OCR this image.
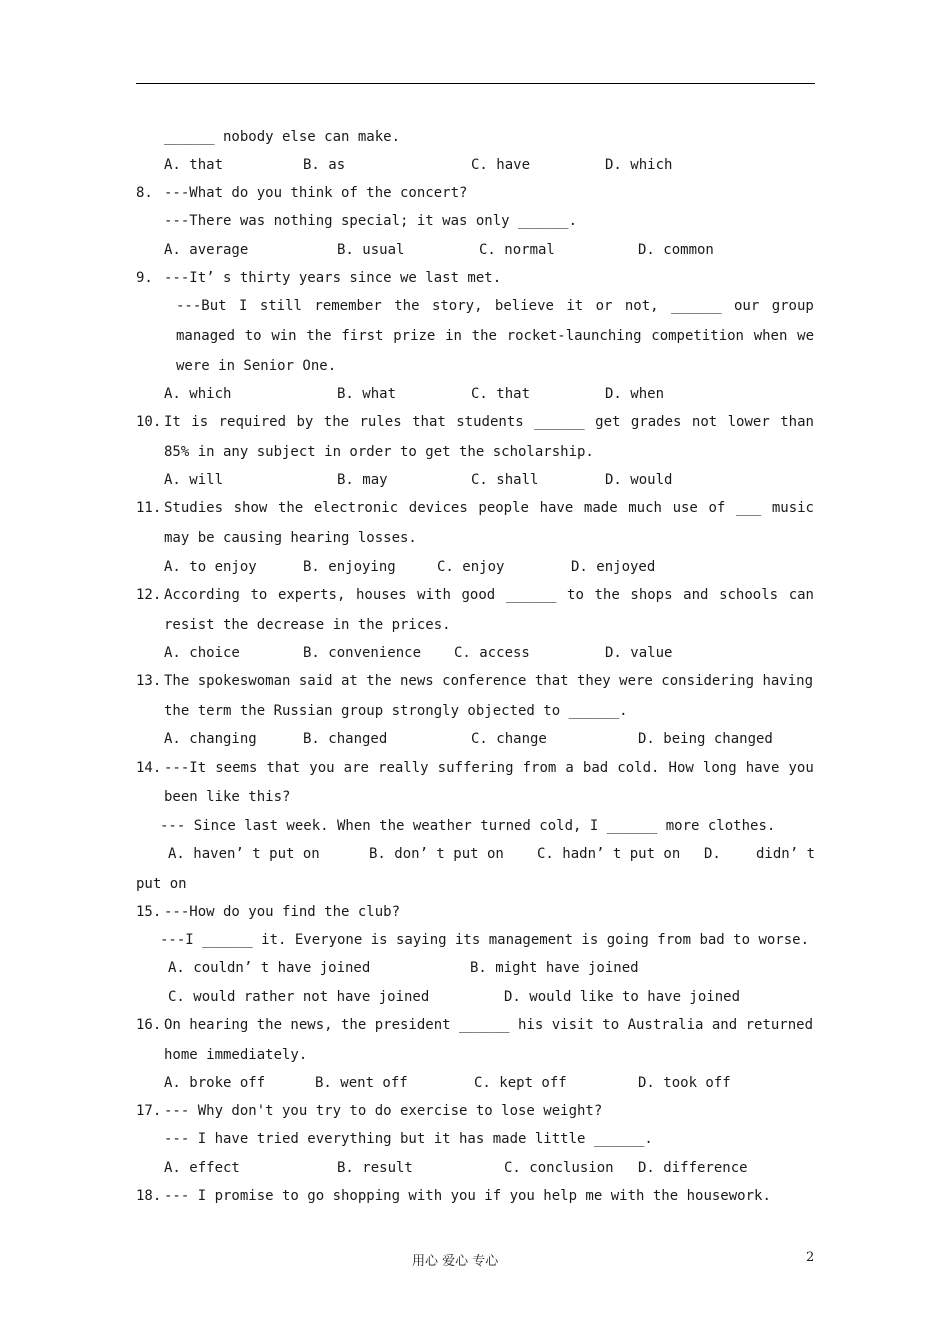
______ nobody else can make.
A. that	B. as	C. have	D. which
8. ---What do you think of the concert?
---There was nothing special; it was only ______.
A. average	B. usual	C. normal	D. common
9. ---It’ s thirty years since we last met.
---But I still remember the story, believe it or not, ______ our group
managed to win the first prize in the rocket-launching competition when we
were in Senior One.
A. which	B. what	C. that	D. when
10. It is required by the rules that students ______ get grades not lower than
85% in any subject in order to get the scholarship.
A. will	B. may	C. shall	D. would
11. Studies show the electronic devices people have made much use of ___ music
may be causing hearing losses.
A. to enjoy	B. enjoying	C. enjoy	D. enjoyed
12. According to experts, houses with good ______ to the shops and schools can
resist the decrease in the prices.
A. choice	B. convenience C. access	D. value
13. The spokeswoman said at the news conference that they were considering having
the term the Russian group strongly objected to ______.
A. changing	B. changed	C. change	D. being changed
14. ---It seems that you are really suffering from a bad cold. How long have you
been like this?
--- Since last week. When the weather turned cold, I ______ more clothes.
A. haven’ t put on	B. don’ t put on C. hadn’ t put on D.	didn’ t
put on
15. ---How do you find the club?
---I ______ it. Everyone is saying its management is going from bad to worse.
A. couldn’ t have joined	B. might have joined
C. would rather not have joined	D. would like to have joined
16. On hearing the news, the president ______ his visit to Australia and returned
home immediately.
A. broke off	B. went off	C. kept off	D. took off
17. --- Why don't you try to do exercise to lose weight?
--- I have tried everything but it has made little ______.
A. effect	B. result	C. conclusion D. difference
18. --- I promise to go shopping with you if you help me with the housework.
用心 爱心 专心	2
